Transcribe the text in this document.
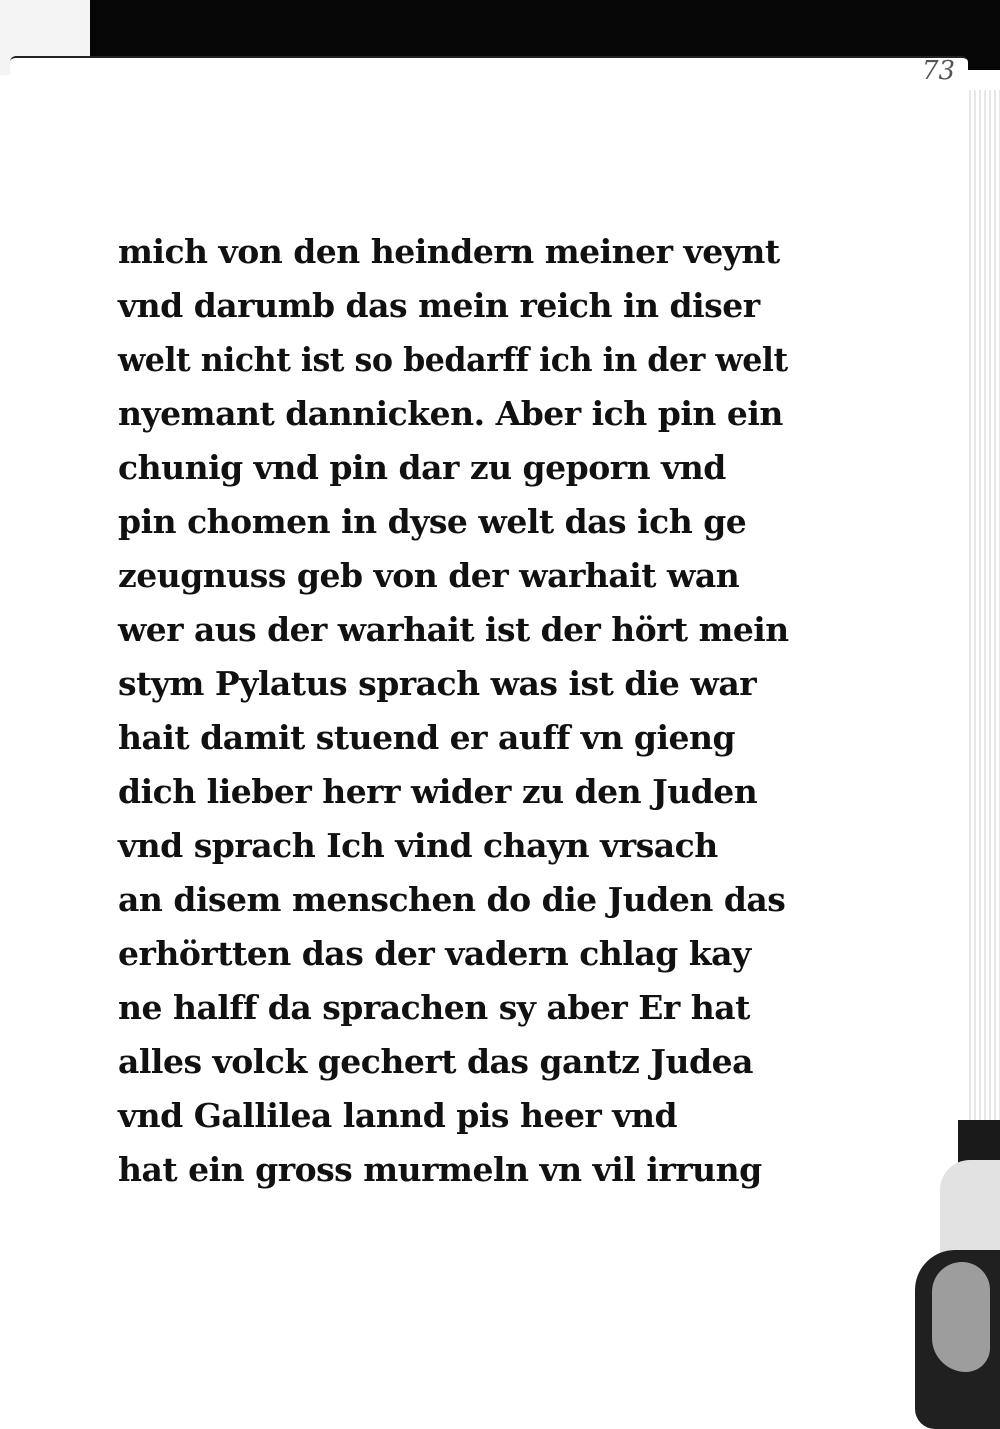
73
mich von den heindern meiner veynt
vnd darumb das mein reich in diser
welt nicht ist so bedarff ich in der welt
nyemant dannicken. Aber ich pin ein
chunig vnd pin dar zu geporn vnd
pin chomen in dyse welt das ich ge
zeugnuss geb von der warhait wan
wer aus der warhait ist der hört mein
stym Pylatus sprach was ist die war
hait damit stuend er auff vn gieng
dich lieber herr wider zu den Juden
vnd sprach Ich vind chayn vrsach
an disem menschen do die Juden das
erhörtten das der vadern chlag kay
ne halff da sprachen sy aber Er hat
alles volck gechert das gantz Judea
vnd Gallilea lannd pis heer vnd
hat ein gross murmeln vn vil irrung
